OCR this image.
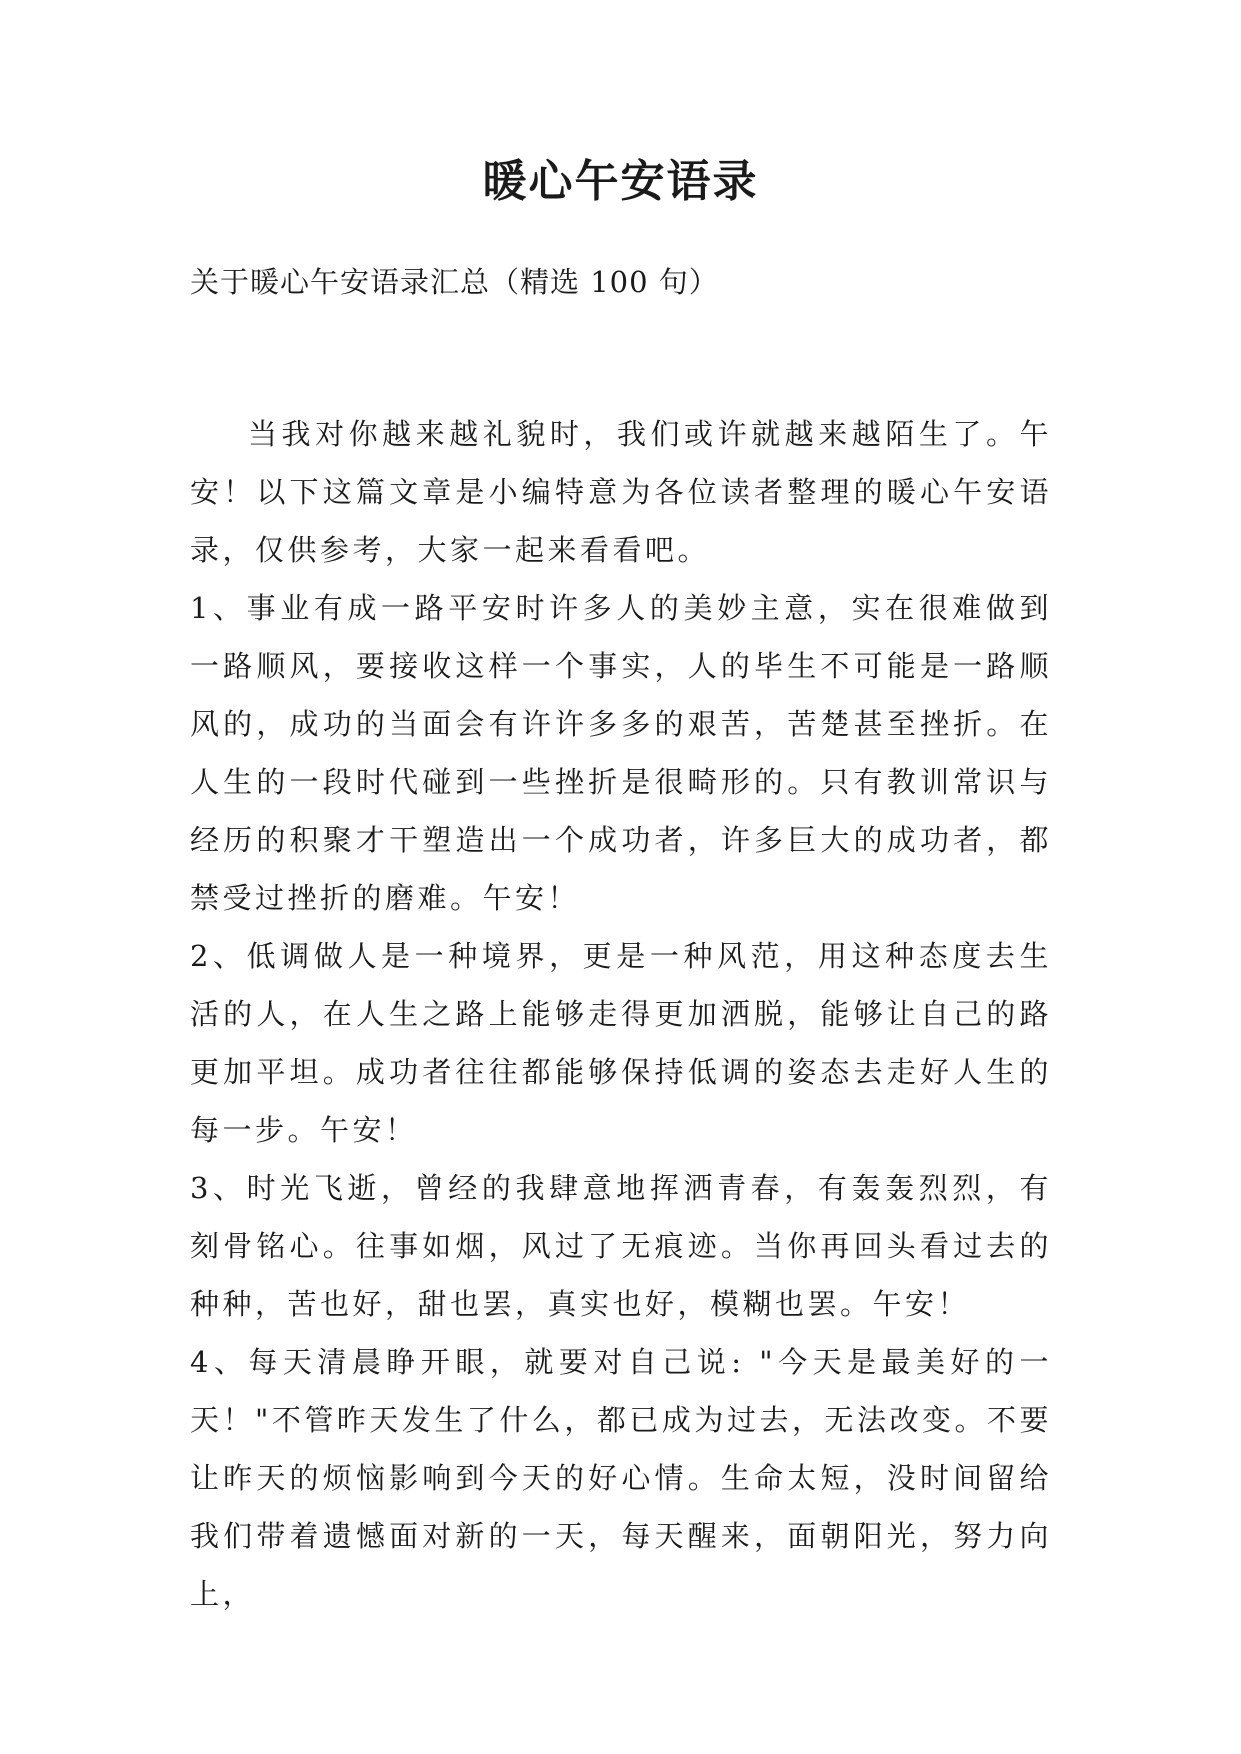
暖心午安语录

关于暖心午安语录汇总（精选 100 句）

当我对你越来越礼貌时，我们或许就越来越陌生了。午安！以下这篇文章是小编特意为各位读者整理的暖心午安语录，仅供参考，大家一起来看看吧。

1、事业有成一路平安时许多人的美妙主意，实在很难做到一路顺风，要接收这样一个事实，人的毕生不可能是一路顺风的，成功的当面会有许许多多的艰苦，苦楚甚至挫折。在人生的一段时代碰到一些挫折是很畸形的。只有教训常识与经历的积聚才干塑造出一个成功者，许多巨大的成功者，都禁受过挫折的磨难。午安！

2、低调做人是一种境界，更是一种风范，用这种态度去生活的人，在人生之路上能够走得更加洒脱，能够让自己的路更加平坦。成功者往往都能够保持低调的姿态去走好人生的每一步。午安！

3、时光飞逝，曾经的我肆意地挥洒青春，有轰轰烈烈，有刻骨铭心。往事如烟，风过了无痕迹。当你再回头看过去的种种，苦也好，甜也罢，真实也好，模糊也罢。午安！

4、每天清晨睁开眼，就要对自己说: "今天是最美好的一天！"不管昨天发生了什么，都已成为过去，无法改变。不要让昨天的烦恼影响到今天的好心情。生命太短，没时间留给我们带着遗憾面对新的一天，每天醒来，面朝阳光，努力向上，
